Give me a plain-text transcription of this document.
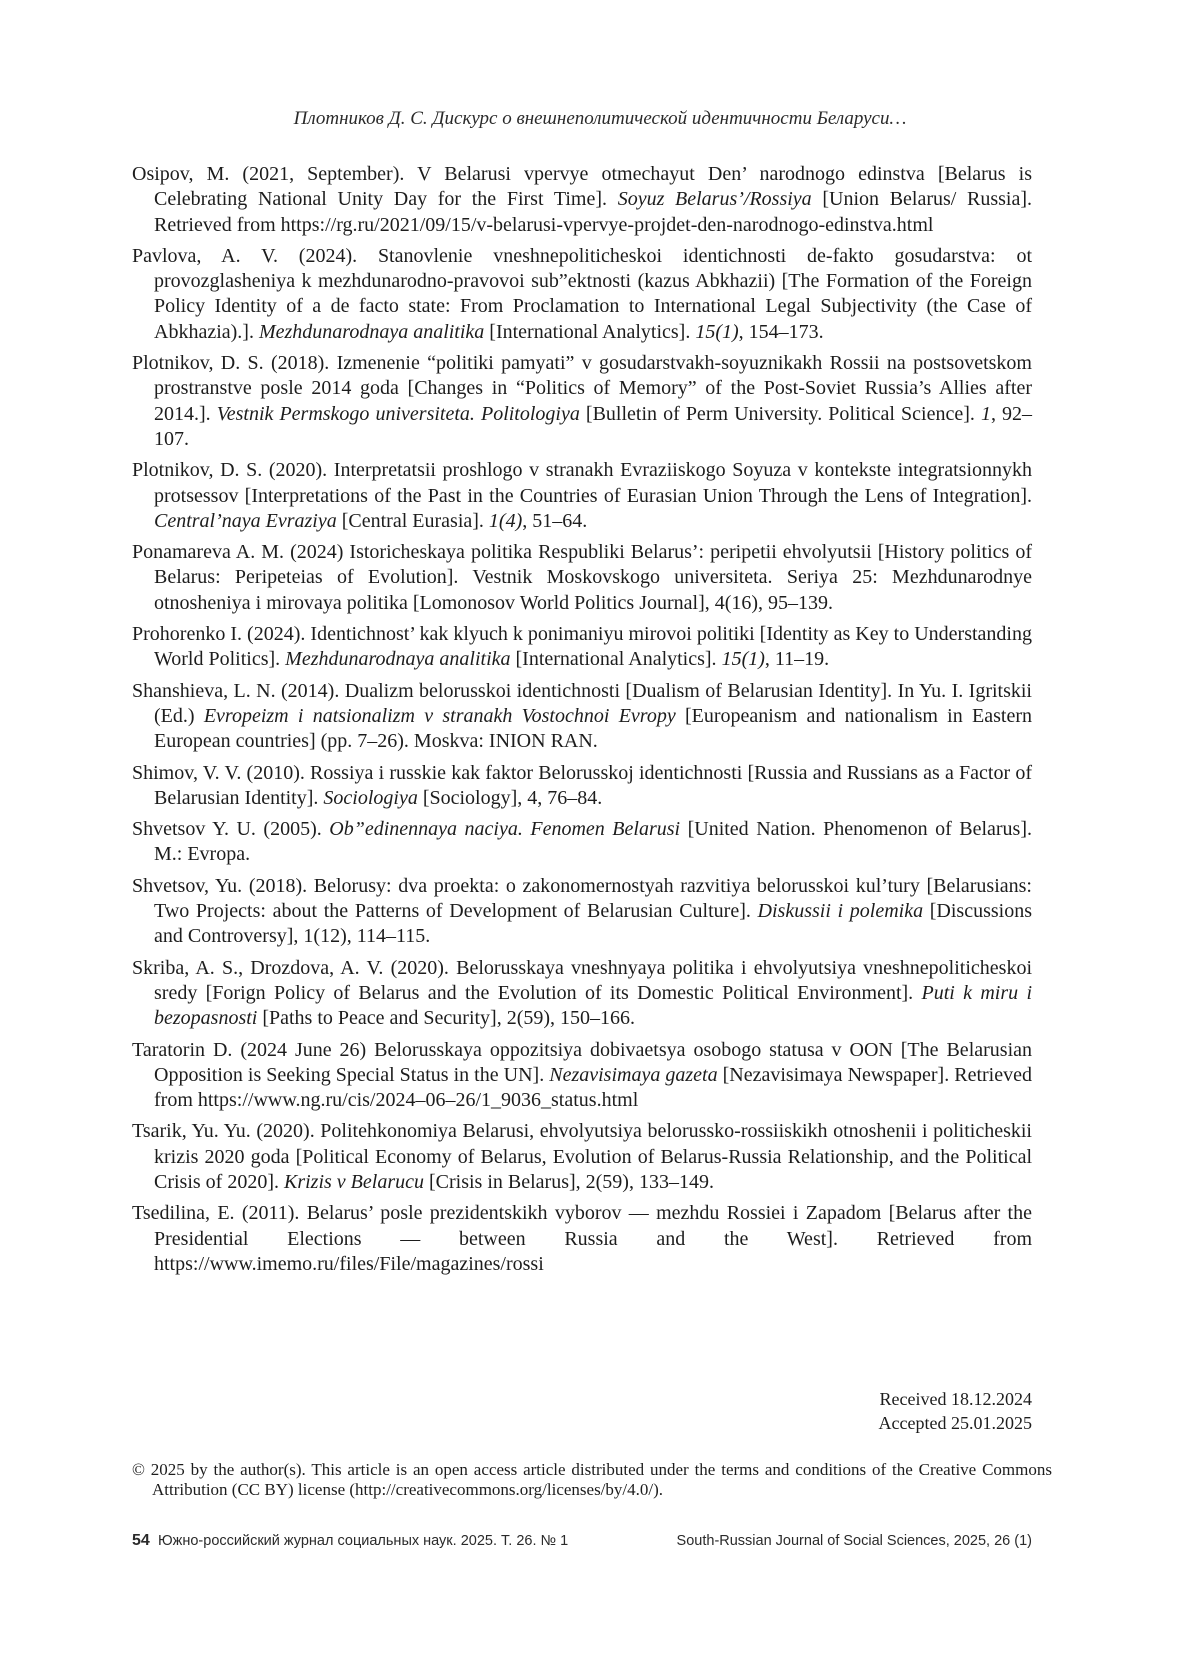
Плотников Д. С. Дискурс о внешнеполитической идентичности Беларуси…
Osipov, M. (2021, September). V Belarusi vpervye otmechayut Den’ narodnogo edinstva [Belarus is Celebrating National Unity Day for the First Time]. Soyuz Belarus’/Rossiya [Union Belarus/ Russia]. Retrieved from https://rg.ru/2021/09/15/v-belarusi-vpervye-projdet-den-narodnogo-edinstva.html
Pavlova, A. V. (2024). Stanovlenie vneshnepoliticheskoi identichnosti de-fakto gosudarstva: ot provozglasheniya k mezhdunarodno-pravovoi sub”ektnosti (kazus Abkhazii) [The Formation of the Foreign Policy Identity of a de facto state: From Proclamation to International Legal Subjectivity (the Case of Abkhazia).]. Mezhdunarodnaya analitika [International Analytics]. 15(1), 154–173.
Plotnikov, D. S. (2018). Izmenenie “politiki pamyati” v gosudarstvakh-soyuznikakh Rossii na postsovetskom prostranstve posle 2014 goda [Changes in “Politics of Memory” of the Post-Soviet Russia’s Allies after 2014.]. Vestnik Permskogo universiteta. Politologiya [Bulletin of Perm University. Political Science]. 1, 92–107.
Plotnikov, D. S. (2020). Interpretatsii proshlogo v stranakh Evraziiskogo Soyuza v kontekste integratsionnykh protsessov [Interpretations of the Past in the Countries of Eurasian Union Through the Lens of Integration]. Central’naya Evraziya [Central Eurasia]. 1(4), 51–64.
Ponamareva A. M. (2024) Istoricheskaya politika Respubliki Belarus’: peripetii ehvolyutsii [History politics of Belarus: Peripeteias of Evolution]. Vestnik Moskovskogo universiteta. Seriya 25: Mezhdunarodnye otnosheniya i mirovaya politika [Lomonosov World Politics Journal], 4(16), 95–139.
Prohorenko I. (2024). Identichnost’ kak klyuch k ponimaniyu mirovoi politiki [Identity as Key to Understanding World Politics]. Mezhdunarodnaya analitika [International Analytics]. 15(1), 11–19.
Shanshieva, L. N. (2014). Dualizm belorusskoi identichnosti [Dualism of Belarusian Identity]. In Yu. I. Igritskii (Ed.) Evropeizm i natsionalizm v stranakh Vostochnoi Evropy [Europeanism and nationalism in Eastern European countries] (pp. 7–26). Moskva: INION RAN.
Shimov, V. V. (2010). Rossiya i russkie kak faktor Belorusskoj identichnosti [Russia and Russians as a Factor of Belarusian Identity]. Sociologiya [Sociology], 4, 76–84.
Shvetsov Y. U. (2005). Ob”edinennaya naciya. Fenomen Belarusi [United Nation. Phenomenon of Belarus]. M.: Evropa.
Shvetsov, Yu. (2018). Belorusy: dva proekta: o zakonomernostyah razvitiya belorusskoi kul’tury [Belarusians: Two Projects: about the Patterns of Development of Belarusian Culture]. Diskussii i polemika [Discussions and Controversy], 1(12), 114–115.
Skriba, A. S., Drozdova, A. V. (2020). Belorusskaya vneshnyaya politika i ehvolyutsiya vneshnepoliticheskoi sredy [Forign Policy of Belarus and the Evolution of its Domestic Political Environment]. Puti k miru i bezopasnosti [Paths to Peace and Security], 2(59), 150–166.
Taratorin D. (2024 June 26) Belorusskaya oppozitsiya dobivaetsya osobogo statusa v OON [The Belarusian Opposition is Seeking Special Status in the UN]. Nezavisimaya gazeta [Nezavisimaya Newspaper]. Retrieved from https://www.ng.ru/cis/2024–06–26/1_9036_status.html
Tsarik, Yu. Yu. (2020). Politehkonomiya Belarusi, ehvolyutsiya belorussko-rossiiskikh otnoshenii i politicheskii krizis 2020 goda [Political Economy of Belarus, Evolution of Belarus-Russia Relationship, and the Political Crisis of 2020]. Krizis v Belaruси [Crisis in Belarus], 2(59), 133–149.
Tsedilina, E. (2011). Belarus’ posle prezidentskikh vyborov — mezhdu Rossiei i Zapadom [Belarus after the Presidential Elections — between Russia and the West]. Retrieved from https://www.imemo.ru/files/File/magazines/rossi
Received 18.12.2024
Accepted 25.01.2025
© 2025 by the author(s). This article is an open access article distributed under the terms and conditions of the Creative Commons Attribution (CC BY) license (http://creativecommons.org/licenses/by/4.0/).
54 Южно-российский журнал социальных наук. 2025. Т. 26. № 1	South-Russian Journal of Social Sciences, 2025, 26 (1)
